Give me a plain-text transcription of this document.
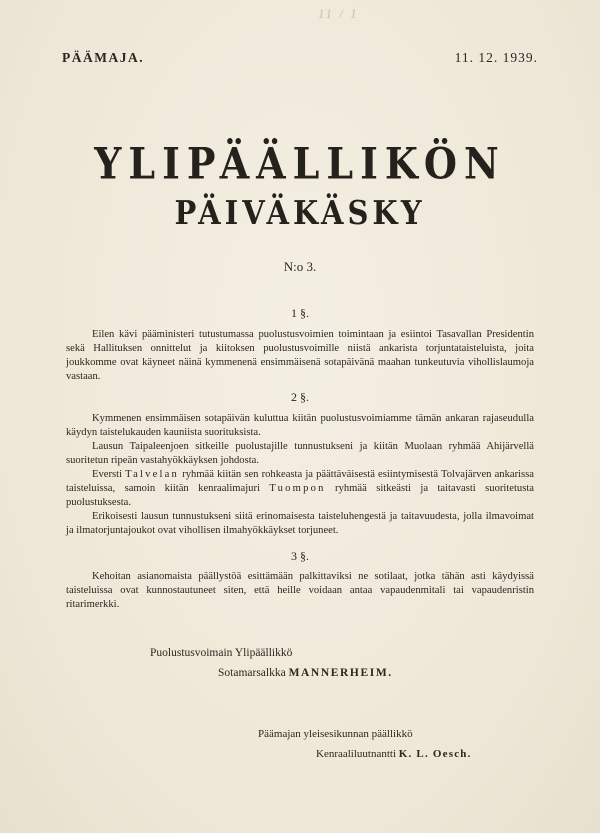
11 / 1
PÄÄMAJA.	11. 12. 1939.
YLIPÄÄLLIKÖN
PÄIVÄKÄSKY
N:o 3.
1 §.

Eilen kävi pääministeri tutustumassa puolustusvoimien toimintaan ja esiintoi Tasavallan Presidentin sekä Hallituksen onnittelut ja kiitoksen puolustusvoimille niistä ankarista torjuntataisteluista, joita joukkomme ovat käyneet näinä kymmenenä ensimmäisenä sotapäivänä maahan tunkeutuvia vihollislaumoja vastaan.

2 §.

Kymmenen ensimmäisen sotapäivän kuluttua kiitän puolustusvoimiamme tämän ankaran rajaseudulla käydyn taistelukauden kauniista suorituksista.

Lausun Taipaleenjoen sitkeille puolustajille tunnustukseni ja kiitän Muolaan ryhmää Ahijärvellä suoritetun ripeän vastahyökkäyksen johdosta.

Eversti Talvelan ryhmää kiitän sen rohkeasta ja päättäväisestä esiintymisestä Tolvajärven ankarissa taisteluissa, samoin kiitän kenraalimajuri Tuompon ryhmää sitkeästi ja taitavasti suoritetusta puolustuksesta.

Erikoisesti lausun tunnustukseni siitä erinomaisesta taisteluhengestä ja taitavuudesta, jolla ilmavoimat ja ilmatorjuntajoukot ovat vihollisen ilmahyökkäykset torjuneet.

3 §.

Kehoitan asianomaista päällystöä esittämään palkittaviksi ne sotilaat, jotka tähän asti käydyissä taisteluissa ovat kunnostautuneet siten, että heille voidaan antaa vapaudenmitali tai vapaudenristin ritarimerkki.

Puolustusvoimain Ylipäällikkö
Sotamarsalkka MANNERHEIM.
Päämajan yleisesikunnan päällikkö
Kenraaliluutnantti K. L. Oesch.
